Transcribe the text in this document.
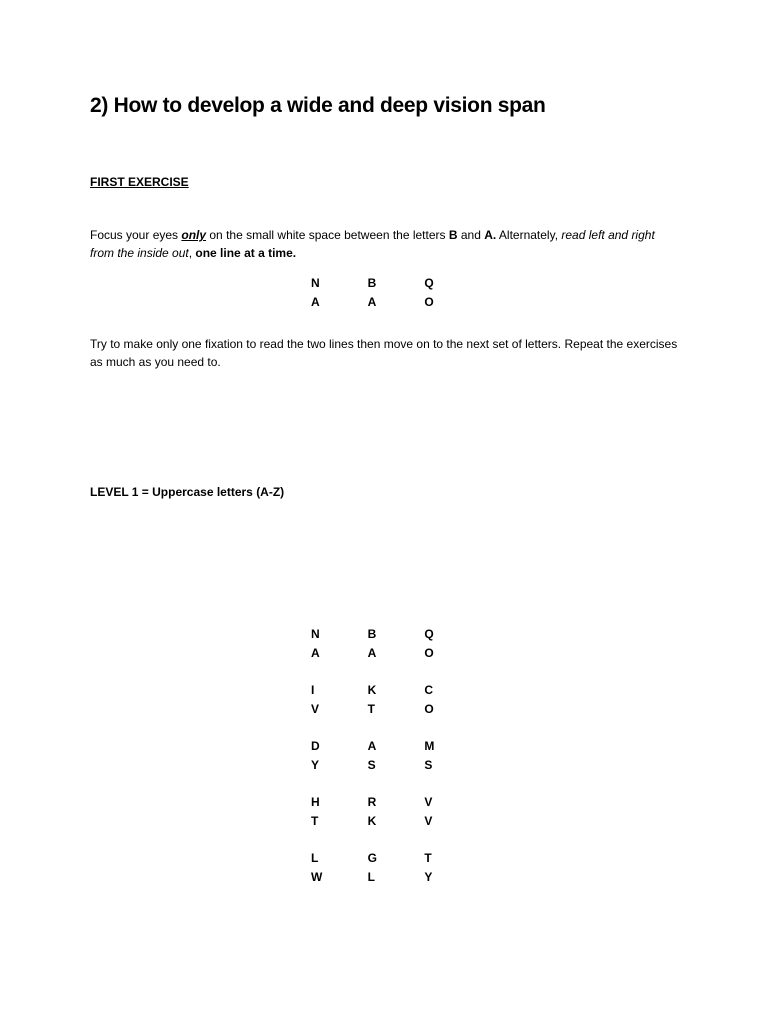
2) How to develop a wide and deep vision span
FIRST EXERCISE
Focus your eyes only on the small white space between the letters B and A. Alternately, read left and right from the inside out, one line at a time.
N	B	Q
A	A	O
Try to make only one fixation to read the two lines then move on to the next set of letters. Repeat the exercises as much as you need to.
LEVEL 1 = Uppercase letters (A-Z)
N	B	Q
A	A	O
I	K	C
V	T	O
D	A	M
Y	S	S
H	R	V
T	K	V
L	G	T
W	L	Y
